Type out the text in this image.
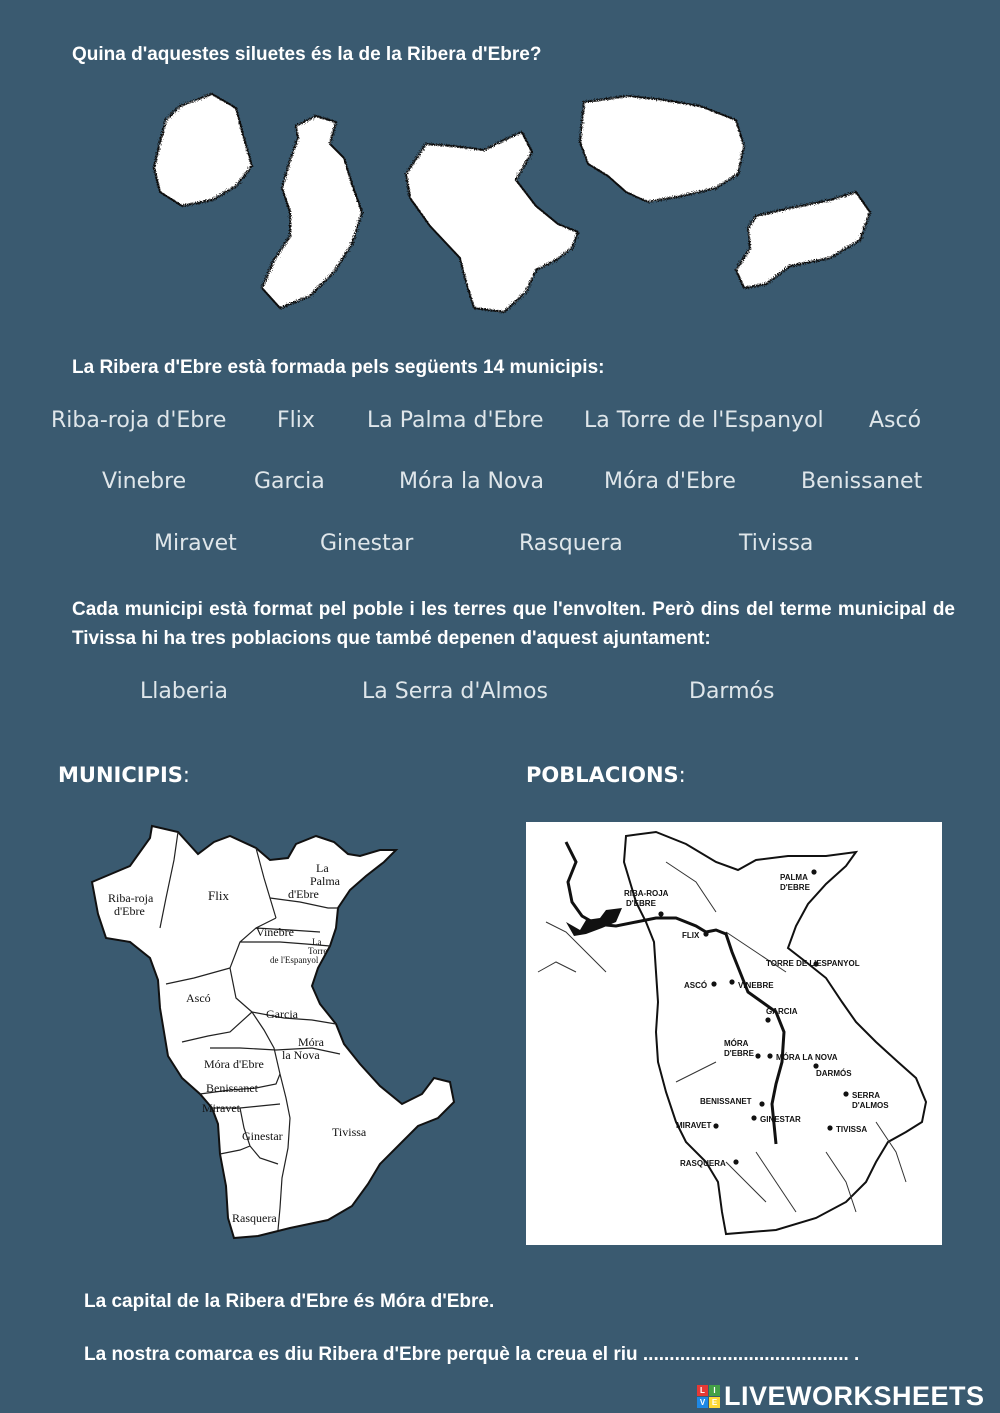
Quina d'aquestes siluetes és la de la Ribera d'Ebre?
La Ribera d'Ebre està formada pels següents 14 municipis:
Riba-roja d'Ebre Flix La Palma d'Ebre La Torre de l'Espanyol Ascó
Vinebre	Garcia	Móra la Nova	Móra d'Ebre	Benissanet
Miravet	Ginestar	Rasquera	Tivissa
Cada municipi està format pel poble i les terres que l'envolten. Però dins del terme municipal de Tivissa hi ha tres poblacions que també depenen d'aquest ajuntament:
Llaberia	La Serra d'Almos	Darmós
MUNICIPIS:	POBLACIONS:
Riba-roja
d'Ebre
Flix
La
Palma
d'Ebre
Vinebre
La
Torre
de l'Espanyol
Ascó
Garcia
Móra
la Nova
Móra d'Ebre
Benissanet
Miravet
Ginestar	Tivissa
Rasquera
RIBA-ROJA
D'EBRE
PALMA
D'EBRE
FLIX
TORRE DE L'ESPANYOL
ASCÓ	VINEBRE
GARCIA
MÓRA
D'EBRE	MÓRA LA NOVA
DARMÓS
SERRA
D'ALMOS
BENISSANET
MIRAVET
GINESTAR
TIVISSA
RASQUERA
La capital de la Ribera d'Ebre és Móra d'Ebre.
La nostra comarca es diu Ribera d'Ebre perquè la creua el riu ....................................... .
L	I
V E LIVEWORKSHEETS
